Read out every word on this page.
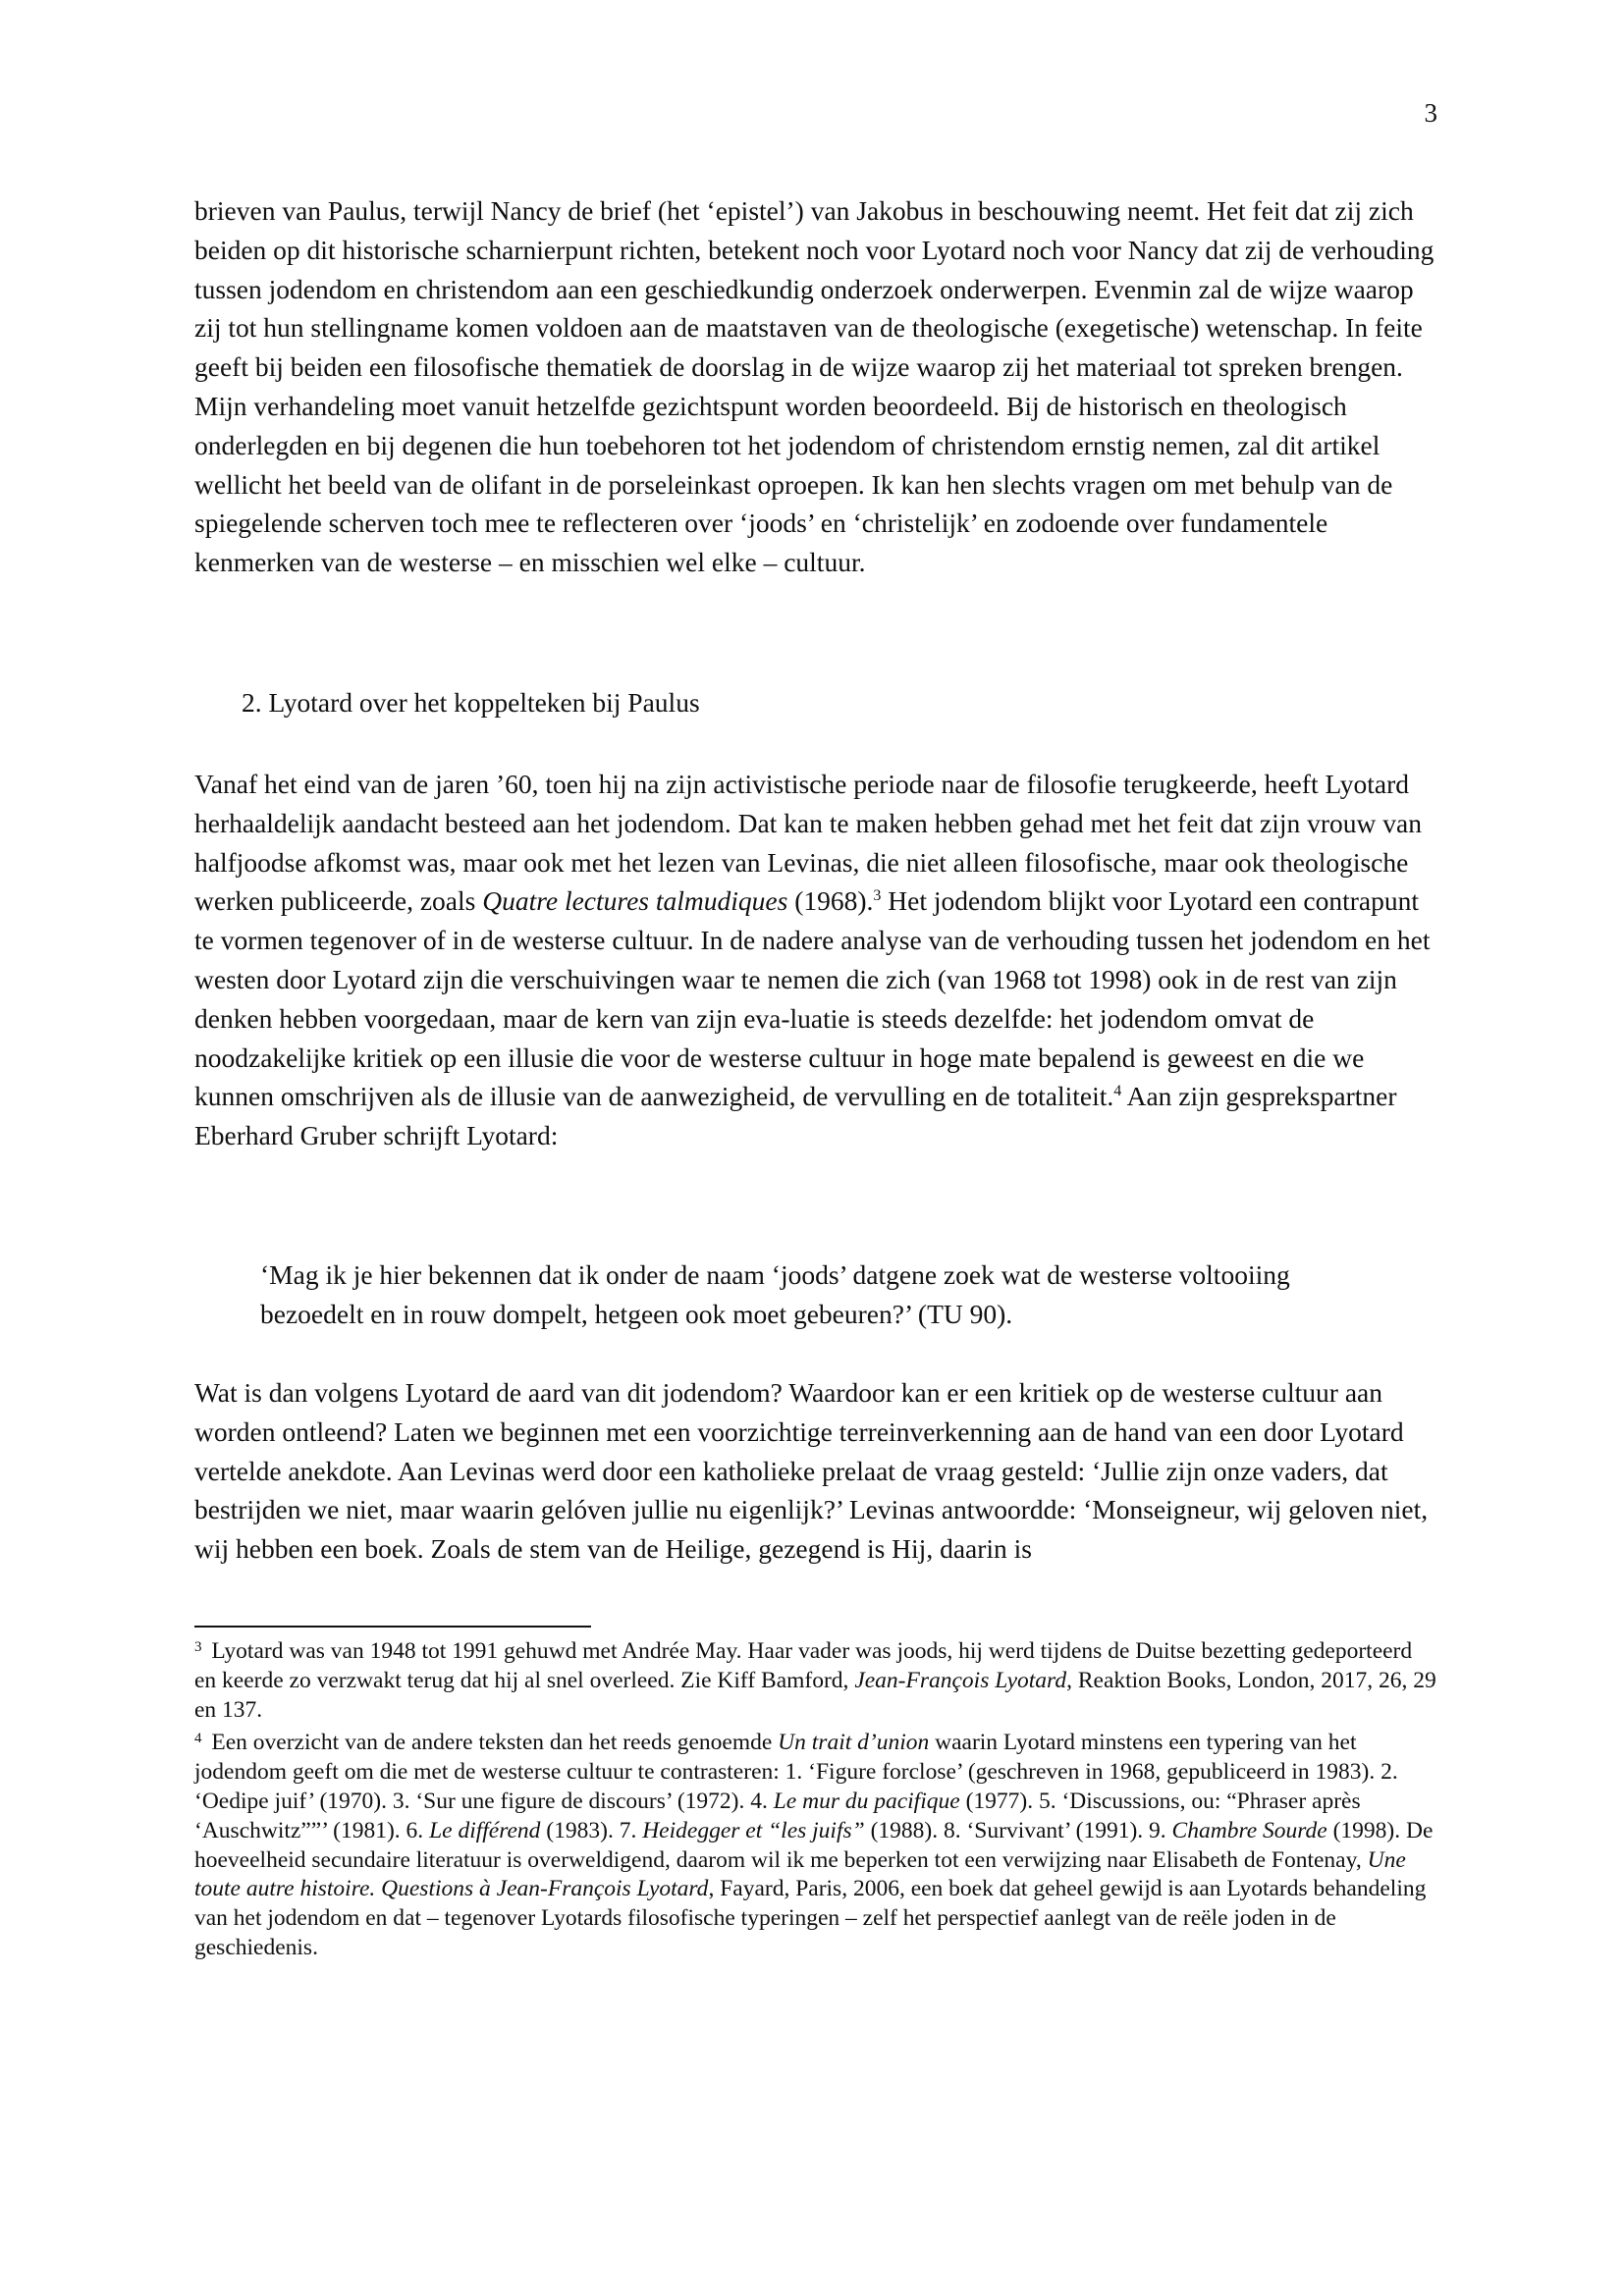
3

brieven van Paulus, terwijl Nancy de brief (het ‘epistel’) van Jakobus in beschouwing neemt. Het feit dat zij zich beiden op dit historische scharnierpunt richten, betekent noch voor Lyotard noch voor Nancy dat zij de verhouding tussen jodendom en christendom aan een geschiedkundig onderzoek onderwerpen. Evenmin zal de wijze waarop zij tot hun stellingname komen voldoen aan de maatstaven van de theologische (exegetische) wetenschap. In feite geeft bij beiden een filosofische thematiek de doorslag in de wijze waarop zij het materiaal tot spreken brengen. Mijn verhandeling moet vanuit hetzelfde gezichtspunt worden beoordeeld. Bij de historisch en theologisch onderlegden en bij degenen die hun toebehoren tot het jodendom of christendom ernstig nemen, zal dit artikel wellicht het beeld van de olifant in de porseleinkast oproepen. Ik kan hen slechts vragen om met behulp van de spiegelende scherven toch mee te reflecteren over ‘joods’ en ‘christelijk’ en zodoende over fundamentele kenmerken van de westerse – en misschien wel elke – cultuur.

2. Lyotard over het koppelteken bij Paulus

Vanaf het eind van de jaren ’60, toen hij na zijn activistische periode naar de filosofie terugkeerde, heeft Lyotard herhaaldelijk aandacht besteed aan het jodendom. Dat kan te maken hebben gehad met het feit dat zijn vrouw van halfjoodse afkomst was, maar ook met het lezen van Levinas, die niet alleen filosofische, maar ook theologische werken publiceerde, zoals Quatre lectures talmudiques (1968).$^3$ Het jodendom blijkt voor Lyotard een contrapunt te vormen tegenover of in de westerse cultuur. In de nadere analyse van de verhouding tussen het jodendom en het westen door Lyotard zijn die verschuivingen waar te nemen die zich (van 1968 tot 1998) ook in de rest van zijn denken hebben voorgedaan, maar de kern van zijn eva-luatie is steeds dezelfde: het jodendom omvat de noodzakelijke kritiek op een illusie die voor de westerse cultuur in hoge mate bepalend is geweest en die we kunnen omschrijven als de illusie van de aanwezigheid, de vervulling en de totaliteit.$^4$ Aan zijn gesprekspartner Eberhard Gruber schrijft Lyotard:

‘Mag ik je hier bekennen dat ik onder de naam ‘joods’ datgene zoek wat de westerse voltooiing bezoedelt en in rouw dompelt, hetgeen ook moet gebeuren?’ (TU 90).

Wat is dan volgens Lyotard de aard van dit jodendom? Waardoor kan er een kritiek op de westerse cultuur aan worden ontleend? Laten we beginnen met een voorzichtige terreinverkenning aan de hand van een door Lyotard vertelde anekdote. Aan Levinas werd door een katholieke prelaat de vraag gesteld: ‘Jullie zijn onze vaders, dat bestrijden we niet, maar waarin gelóven jullie nu eigenlijk?’ Levinas antwoordde: ‘Monseigneur, wij geloven niet, wij hebben een boek. Zoals de stem van de Heilige, gezegend is Hij, daarin is

$^3$ Lyotard was van 1948 tot 1991 gehuwd met Andrée May. Haar vader was joods, hij werd tijdens de Duitse bezetting gedeporteerd en keerde zo verzwakt terug dat hij al snel overleed. Zie Kiff Bamford, Jean-François Lyotard, Reaktion Books, London, 2017, 26, 29 en 137.

$^4$ Een overzicht van de andere teksten dan het reeds genoemde Un trait d’union waarin Lyotard minstens een typering van het jodendom geeft om die met de westerse cultuur te contrasteren: 1. ‘Figure forclose’ (geschreven in 1968, gepubliceerd in 1983). 2. ‘Oedipe juif’ (1970). 3. ‘Sur une figure de discours’ (1972). 4. Le mur du pacifique (1977). 5. ‘Discussions, ou: “Phraser après ‘Auschwitz””’ (1981). 6. Le différend (1983). 7. Heidegger et “les juifs” (1988). 8. ‘Survivant’ (1991). 9. Chambre Sourde (1998). De hoeveelheid secundaire literatuur is overweldigend, daarom wil ik me beperken tot een verwijzing naar Elisabeth de Fontenay, Une toute autre histoire. Questions à Jean-François Lyotard, Fayard, Paris, 2006, een boek dat geheel gewijd is aan Lyotards behandeling van het jodendom en dat – tegenover Lyotards filosofische typeringen – zelf het perspectief aanlegt van de reële joden in de geschiedenis.
